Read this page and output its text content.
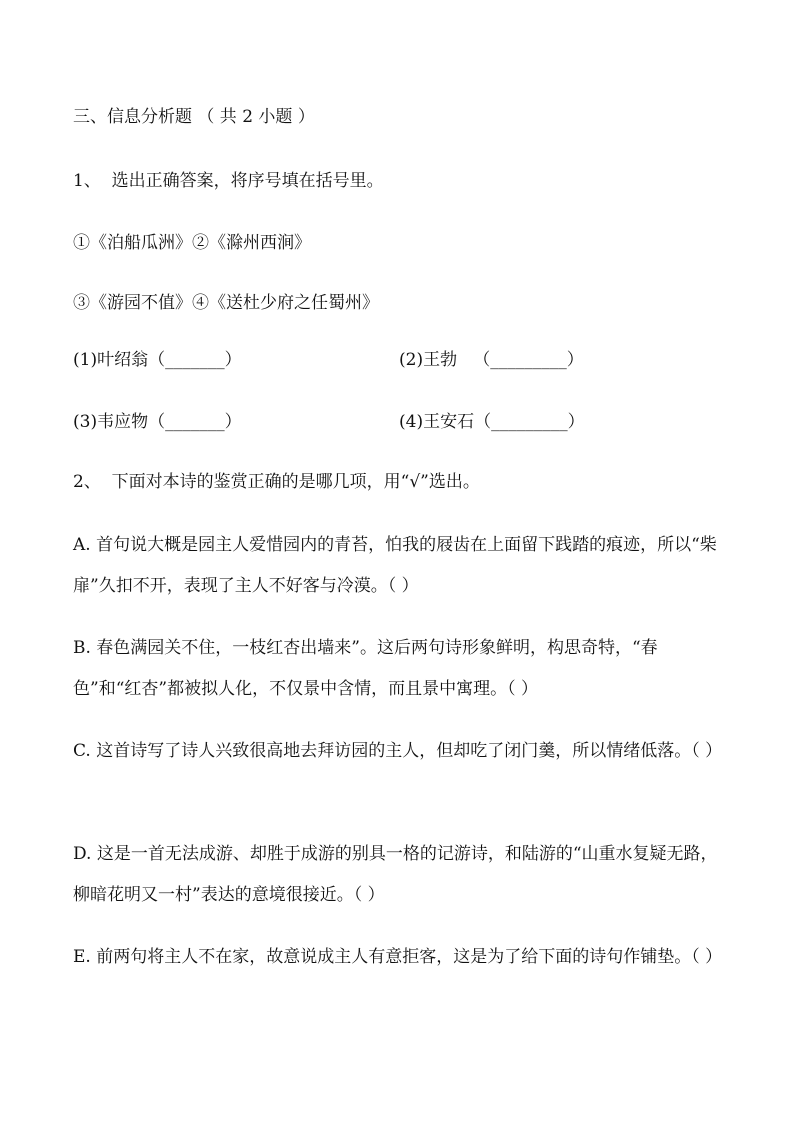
三、信息分析题 （ 共 2 小题 ）
1、  选出正确答案，将序号填在括号里。
①《泊船瓜洲》②《滁州西涧》
③《游园不值》④《送杜少府之任蜀州》

(1)叶绍翁（_______）

	(2)王勃   （_________）

(3)韦应物（_______）

	(4)王安石（_________）

2、  下面对本诗的鉴赏正确的是哪几项，用“√”选出。
A. 首句说大概是园主人爱惜园内的青苔，怕我的屐齿在上面留下践踏的痕迹，所以“柴扉”久扣不开，表现了主人不好客与冷漠。（ ）
B. 春色满园关不住，一枝红杏出墙来”。这后两句诗形象鲜明，构思奇特，“春色”和“红杏”都被拟人化，不仅景中含情，而且景中寓理。（ ）
C. 这首诗写了诗人兴致很高地去拜访园的主人，但却吃了闭门羹，所以情绪低落。（ ）
D. 这是一首无法成游、却胜于成游的别具一格的记游诗，和陆游的“山重水复疑无路，柳暗花明又一村”表达的意境很接近。（ ）
E. 前两句将主人不在家，故意说成主人有意拒客，这是为了给下面的诗句作铺垫。（ ）
